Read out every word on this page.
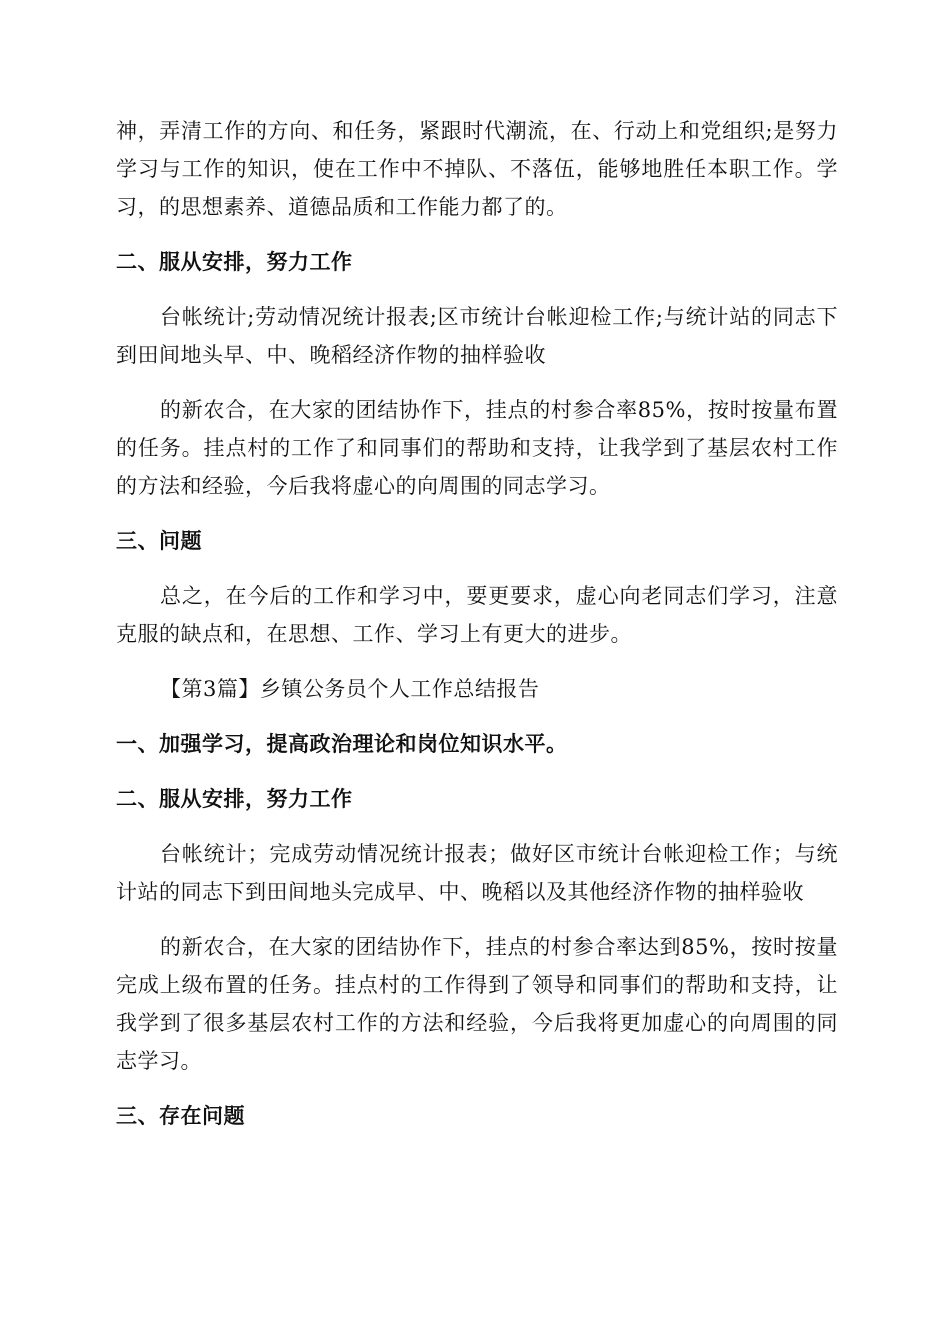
神，弄清工作的方向、和任务，紧跟时代潮流，在、行动上和党组织;是努力学习与工作的知识，使在工作中不掉队、不落伍，能够地胜任本职工作。学习，的思想素养、道德品质和工作能力都了的。

二、服从安排，努力工作

台帐统计;劳动情况统计报表;区市统计台帐迎检工作;与统计站的同志下到田间地头早、中、晚稻经济作物的抽样验收

的新农合，在大家的团结协作下，挂点的村参合率85%，按时按量布置的任务。挂点村的工作了和同事们的帮助和支持，让我学到了基层农村工作的方法和经验，今后我将虚心的向周围的同志学习。

三、问题

总之，在今后的工作和学习中，要更要求，虚心向老同志们学习，注意克服的缺点和，在思想、工作、学习上有更大的进步。

【第3篇】乡镇公务员个人工作总结报告

一、加强学习，提高政治理论和岗位知识水平。
二、服从安排，努力工作

台帐统计；完成劳动情况统计报表；做好区市统计台帐迎检工作；与统计站的同志下到田间地头完成早、中、晚稻以及其他经济作物的抽样验收

的新农合，在大家的团结协作下，挂点的村参合率达到85%，按时按量完成上级布置的任务。挂点村的工作得到了领导和同事们的帮助和支持，让我学到了很多基层农村工作的方法和经验，今后我将更加虚心的向周围的同志学习。

三、存在问题
